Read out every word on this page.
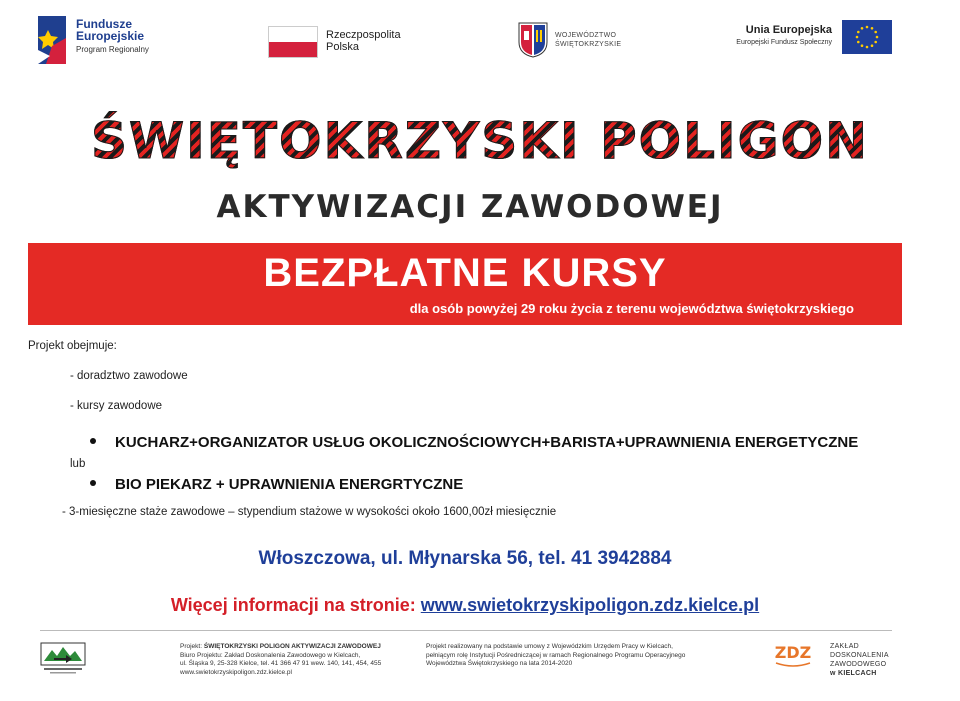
Fundusze
Europejskie
Program Regionalny
Rzeczpospolita
Polska
WOJEWÓDZTWO
ŚWIĘTOKRZYSKIE
Unia Europejska
Europejski Fundusz Społeczny
ŚWIĘTOKRZYSKI POLIGON
AKTYWIZACJI ZAWODOWEJ
BEZPŁATNE KURSY
dla osób powyżej 29 roku życia z terenu województwa świętokrzyskiego
Projekt obejmuje:
- doradztwo zawodowe
- kursy zawodowe
KUCHARZ+ORGANIZATOR USŁUG OKOLICZNOŚCIOWYCH+BARISTA+UPRAWNIENIA ENERGETYCZNE
lub
BIO PIEKARZ + UPRAWNIENIA ENERGRTYCZNE
- 3-miesięczne staże zawodowe – stypendium stażowe w wysokości około 1600,00zł miesięcznie
Włoszczowa, ul. Młynarska 56, tel. 41 3942884
Więcej informacji na stronie: www.swietokrzyskipoligon.zdz.kielce.pl
Projekt: ŚWIĘTOKRZYSKI POLIGON AKTYWIZACJI ZAWODOWEJ
Biuro Projektu: Zakład Doskonalenia Zawodowego w Kielcach,
ul. Śląska 9, 25-328 Kielce, tel. 41 366 47 91 wew. 140, 141, 454, 455
www.swietokrzyskipoligon.zdz.kielce.pl
Projekt realizowany na podstawie umowy z Wojewódzkim Urzędem Pracy w Kielcach,
pełniącym rolę Instytucji Pośredniczącej w ramach Regionalnego Programu Operacyjnego
Województwa Świętokrzyskiego na lata 2014-2020
ZDZ	ZAKŁAD
DOSKONALENIA
ZAWODOWEGO
w KIELCACH
